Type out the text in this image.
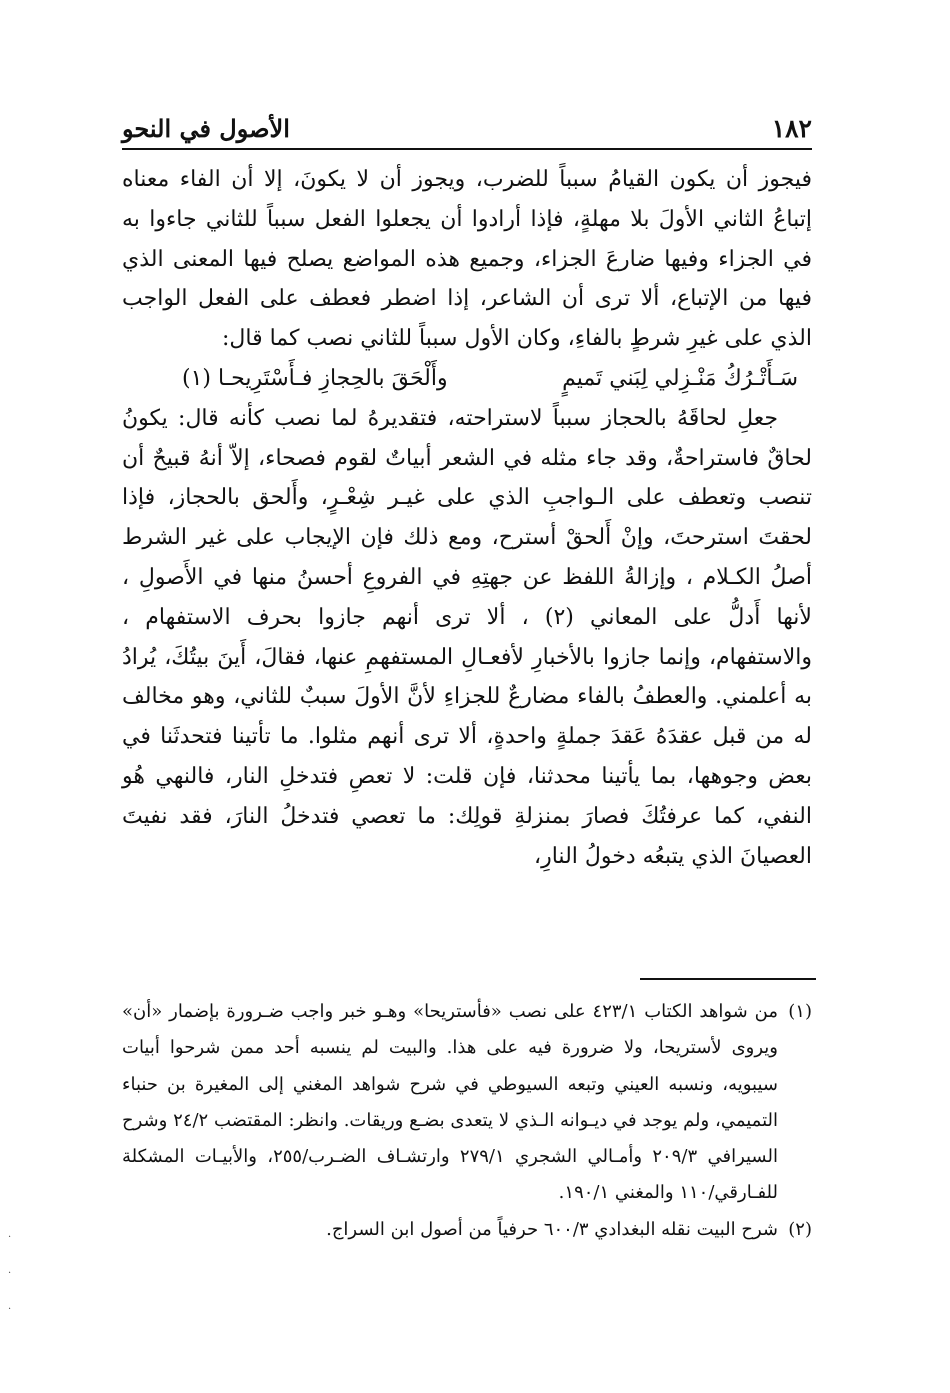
١٨٢
الأصول في النحو

فيجوز أن يكون القيامُ سبباً للضرب، ويجوز أن لا يكونَ، إلا أن الفاء معناه إتباعُ الثاني الأولَ بلا مهلةٍ، فإذا أرادوا أن يجعلوا الفعل سبباً للثاني جاءوا به في الجزاء وفيها ضارعَ الجزاء، وجميع هذه المواضع يصلح فيها المعنى الذي فيها من الإتباع، ألا ترى أن الشاعر، إذا اضطر فعطف على الفعل الواجب الذي على غيرِ شرطٍ بالفاءِ، وكان الأول سبباً للثاني نصب كما قال:

سَـأَتْـرُكُ مَنْـزِلي لِبَني تَميمٍ
وأَلْحَقَ بالحِجازِ فـأَسْتَرِيحـا (١)

جعلِ لحاقَهُ بالحجاز سبباً لاستراحته، فتقديرهُ لما نصب كأنه قال: يكونُ لحاقٌ فاستراحةٌ، وقد جاء مثله في الشعر أبياتٌ لقوم فصحاء، إلاّ أنهُ قبيحٌ أن تنصب وتعطف على الـواجبِ الذي على غيـر شِعْـرٍ، وأَلحق بالحجاز، فإذا لحقتَ استرحتَ، وإنْ أَلحقْ أسترح، ومع ذلك فإن الإيجاب على غير الشرط أصلُ الكـلام ، وإزالةُ اللفظ عن جهتِهِ في الفروعِ أحسنُ منها في الأَصولِ ، لأنها أَدلُّ على المعاني (٢) ، ألا ترى أنهم جازوا بحرف الاستفهام ، والاستفهام، وإنما جازوا بالأخبارِ لأفعـالِ المستفهمِ عنها، فقالَ، أَينَ بيتُكَ، يُرادُ به أعلمني. والعطفُ بالفاء مضارعٌ للجزاءِ لأنَّ الأولَ سببٌ للثاني، وهو مخالف له من قبل عقدَهُ عَقدَ جملةٍ واحدةٍ، ألا ترى أنهم مثلوا. ما تأتينا فتحدثَنا في بعض وجوهها، بما يأتينا محدثنا، فإن قلت: لا تعصِ فتدخلِ النار، فالنهي هُو النفي، كما عرفتُكَ فصارَ بمنزلةِ قولِك: ما تعصي فتدخلُ النارَ، فقد نفيتَ العصيانَ الذي يتبعُه دخولُ النارِ،

(١)من شواهد الكتاب ٤٢٣/١ على نصب «فأستريحا» وهـو خبر واجب ضـرورة بإضمار «أن» ويروى لأستريحا، ولا ضرورة فيه على هذا. والبيت لم ينسبه أحد ممن شرحوا أبيات سيبويه، ونسبه العيني وتبعه السيوطي في شرح شواهد المغني إلى المغيرة بن حنباء التميمي، ولم يوجد في ديـوانه الـذي لا يتعدى بضـع وريقات. وانظر: المقتضب ٢٤/٢ وشرح السيرافي ٢٠٩/٣ وأمـالي الشجري ٢٧٩/١ وارتشـاف الضـرب/٢٥٥، والأبيـات المشكلة للفـارقي/١١٠ والمغني ١٩٠/١.

(٢)شرح البيت نقله البغدادي ٦٠٠/٣ حرفياً من أصول ابن السراج.

·
·
·
